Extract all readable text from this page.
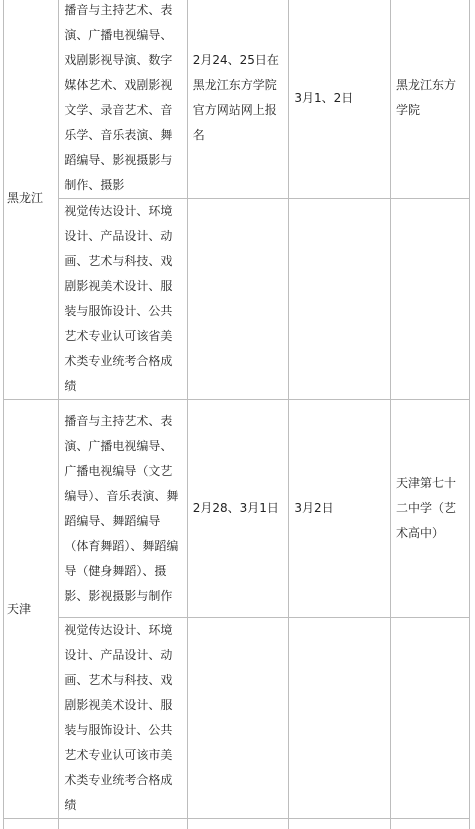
黑龙江	播音与主持艺术、表演、广播电视编导、戏剧影视导演、数字媒体艺术、戏剧影视文学、录音艺术、音乐学、音乐表演、舞蹈编导、影视摄影与制作、摄影	2月24、25日在黑龙江东方学院官方网站网上报名	3月1、2日	黑龙江东方学院
	视觉传达设计、环境设计、产品设计、动画、艺术与科技、戏剧影视美术设计、服装与服饰设计、公共艺术专业认可该省美术类专业统考合格成绩			
天津	播音与主持艺术、表演、广播电视编导、广播电视编导（文艺编导）、音乐表演、舞蹈编导、舞蹈编导（体育舞蹈）、舞蹈编导（健身舞蹈）、摄影、影视摄影与制作	2月28、3月1日	3月2日	天津第七十二中学（艺术高中）
	视觉传达设计、环境设计、产品设计、动画、艺术与科技、戏剧影视美术设计、服装与服饰设计、公共艺术专业认可该市美术类专业统考合格成绩			
